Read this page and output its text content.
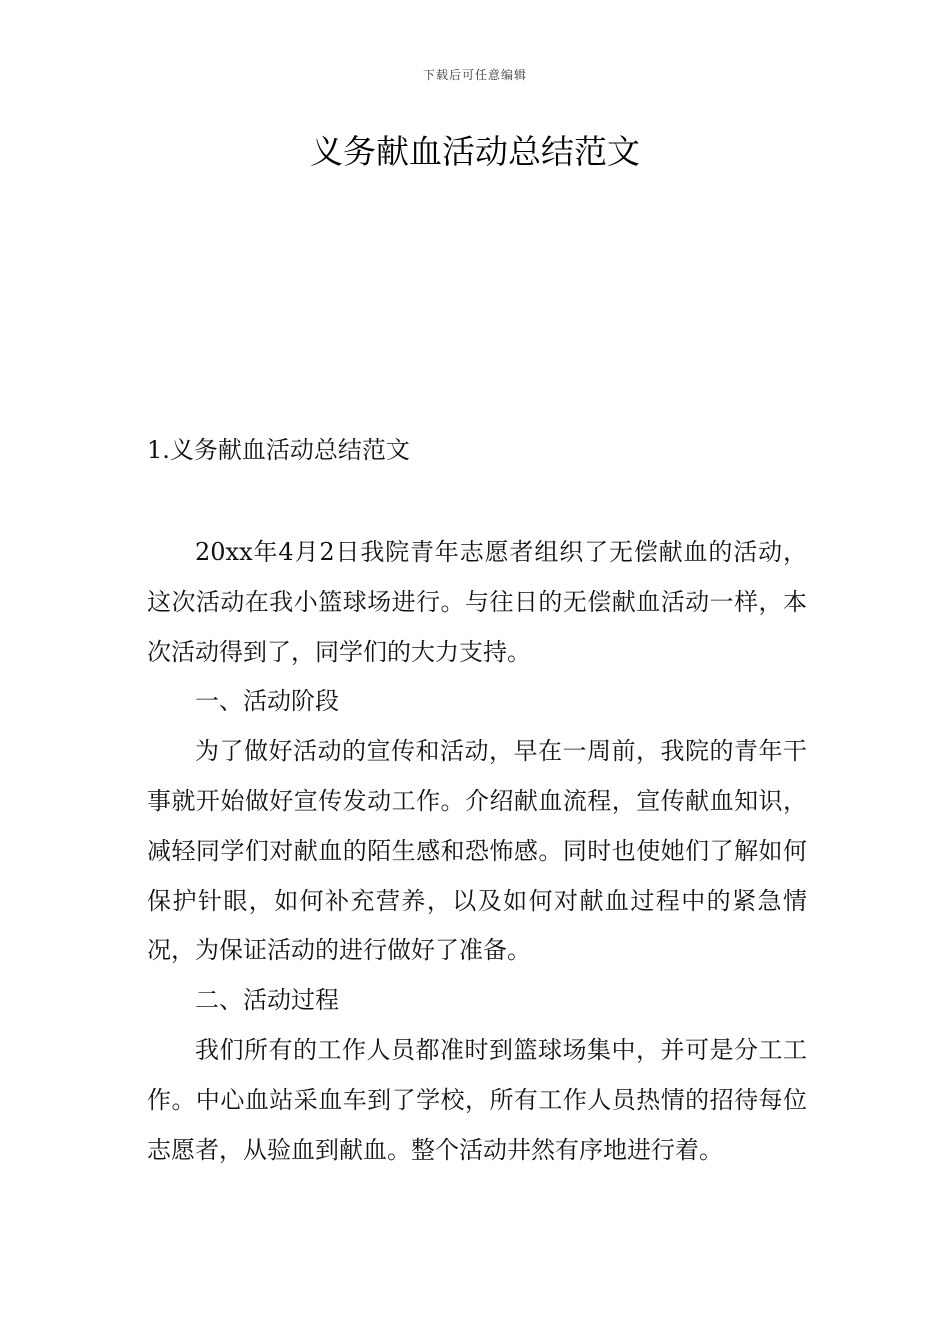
下载后可任意编辑
义务献血活动总结范文
1.义务献血活动总结范文

20xx年4月2日我院青年志愿者组织了无偿献血的活动，这次活动在我小篮球场进行。与往日的无偿献血活动一样，本次活动得到了，同学们的大力支持。

一、活动阶段

为了做好活动的宣传和活动，早在一周前，我院的青年干事就开始做好宣传发动工作。介绍献血流程，宣传献血知识，减轻同学们对献血的陌生感和恐怖感。同时也使她们了解如何保护针眼，如何补充营养，以及如何对献血过程中的紧急情况，为保证活动的进行做好了准备。

二、活动过程

我们所有的工作人员都准时到篮球场集中，并可是分工工作。中心血站采血车到了学校，所有工作人员热情的招待每位志愿者，从验血到献血。整个活动井然有序地进行着。
